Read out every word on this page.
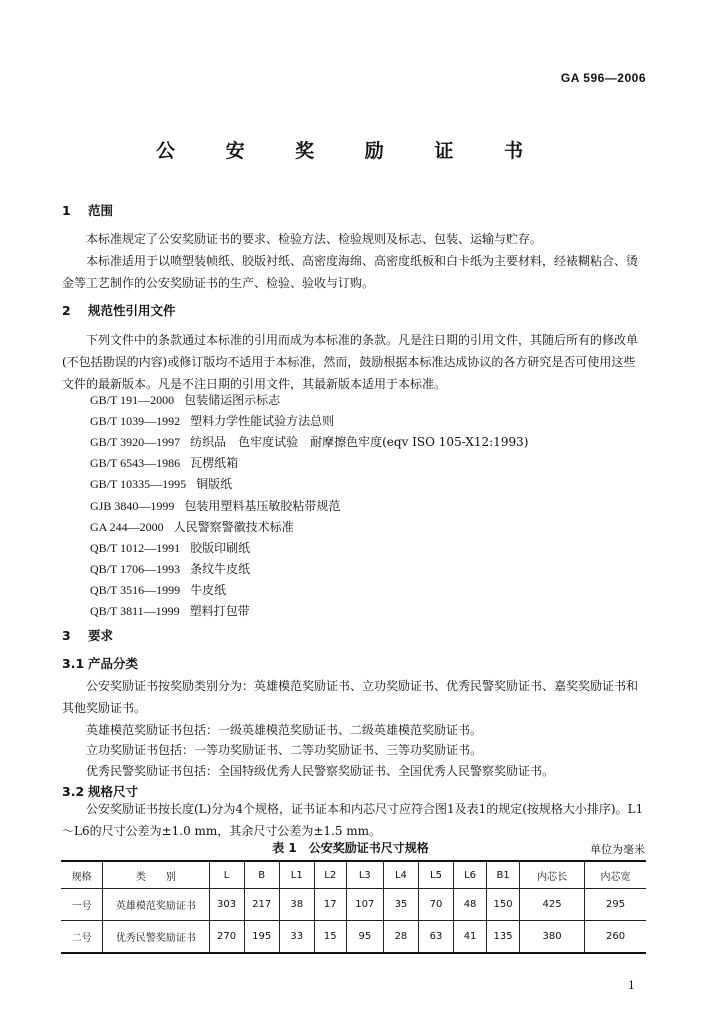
GA 596—2006
公 安 奖 励 证 书
1 范围
本标准规定了公安奖励证书的要求、检验方法、检验规则及标志、包装、运输与贮存。
本标准适用于以喷塑装帧纸、胶版衬纸、高密度海绵、高密度纸板和白卡纸为主要材料，经裱糊粘合、烫金等工艺制作的公安奖励证书的生产、检验、验收与订购。
2 规范性引用文件
下列文件中的条款通过本标准的引用而成为本标准的条款。凡是注日期的引用文件，其随后所有的修改单(不包括勘误的内容)或修订版均不适用于本标准，然而，鼓励根据本标准达成协议的各方研究是否可使用这些文件的最新版本。凡是不注日期的引用文件，其最新版本适用于本标准。
GB/T 191—2000 包装储运图示标志
GB/T 1039—1992 塑料力学性能试验方法总则
GB/T 3920—1997 纺织品　色牢度试验　耐摩擦色牢度(eqv ISO 105-X12:1993)
GB/T 6543—1986 瓦楞纸箱
GB/T 10335—1995 铜版纸
GJB 3840—1999 包装用塑料基压敏胶粘带规范
GA 244—2000 人民警察警徽技术标准
QB/T 1012—1991 胶版印刷纸
QB/T 1706—1993 条纹牛皮纸
QB/T 3516—1999 牛皮纸
QB/T 3811—1999 塑料打包带
3 要求
3.1 产品分类
公安奖励证书按奖励类别分为：英雄模范奖励证书、立功奖励证书、优秀民警奖励证书、嘉奖奖励证书和其他奖励证书。
英雄模范奖励证书包括：一级英雄模范奖励证书、二级英雄模范奖励证书。
立功奖励证书包括：一等功奖励证书、二等功奖励证书、三等功奖励证书。
优秀民警奖励证书包括：全国特级优秀人民警察奖励证书、全国优秀人民警察奖励证书。
3.2 规格尺寸
公安奖励证书按长度(L)分为4个规格，证书证本和内芯尺寸应符合图1及表1的规定(按规格大小排序)。L1～L6的尺寸公差为±1.0 mm，其余尺寸公差为±1.5 mm。
表 1　公安奖励证书尺寸规格	单位为毫米
规格	类　　别	L	B	L1	L2	L3	L4	L5	L6	B1	内芯长	内芯宽
一号	英雄模范奖励证书	303	217	38	17	107	35	70	48	150	425	295
二号	优秀民警奖励证书	270	195	33	15	95	28	63	41	135	380	260
1
